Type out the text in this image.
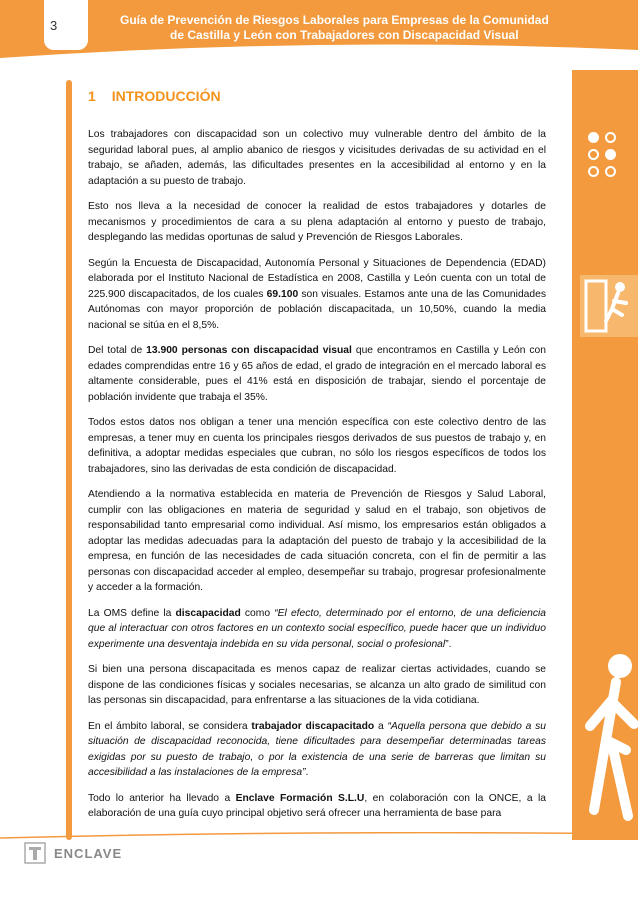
3	Guía de Prevención de Riesgos Laborales para Empresas de la Comunidad
de Castilla y León con Trabajadores con Discapacidad Visual
ENCLAVE
1 INTRODUCCIÓN

Los trabajadores con discapacidad son un colectivo muy vulnerable dentro del ámbito de la seguridad laboral pues, al amplio abanico de riesgos y vicisitudes derivadas de su actividad en el trabajo, se añaden, además, las dificultades presentes en la accesibilidad al entorno y en la adaptación a su puesto de trabajo.

Esto nos lleva a la necesidad de conocer la realidad de estos trabajadores y dotarles de mecanismos y procedimientos de cara a su plena adaptación al entorno y puesto de trabajo, desplegando las medidas oportunas de salud y Prevención de Riesgos Laborales.

Según la Encuesta de Discapacidad, Autonomía Personal y Situaciones de Dependencia (EDAD) elaborada por el Instituto Nacional de Estadística en 2008, Castilla y León cuenta con un total de 225.900 discapacitados, de los cuales 69.100 son visuales. Estamos ante una de las Comunidades Autónomas con mayor proporción de población discapacitada, un 10,50%, cuando la media nacional se sitúa en el 8,5%.

Del total de 13.900 personas con discapacidad visual que encontramos en Castilla y León con edades comprendidas entre 16 y 65 años de edad, el grado de integración en el mercado laboral es altamente considerable, pues el 41% está en disposición de trabajar, siendo el porcentaje de población invidente que trabaja el 35%.

Todos estos datos nos obligan a tener una mención específica con este colectivo dentro de las empresas, a tener muy en cuenta los principales riesgos derivados de sus puestos de trabajo y, en definitiva, a adoptar medidas especiales que cubran, no sólo los riesgos específicos de todos los trabajadores, sino las derivadas de esta condición de discapacidad.

Atendiendo a la normativa establecida en materia de Prevención de Riesgos y Salud Laboral, cumplir con las obligaciones en materia de seguridad y salud en el trabajo, son objetivos de responsabilidad tanto empresarial como individual. Así mismo, los empresarios están obligados a adoptar las medidas adecuadas para la adaptación del puesto de trabajo y la accesibilidad de la empresa, en función de las necesidades de cada situación concreta, con el fin de permitir a las personas con discapacidad acceder al empleo, desempeñar su trabajo, progresar profesionalmente y acceder a la formación.

La OMS define la discapacidad como “El efecto, determinado por el entorno, de una deficiencia que al interactuar con otros factores en un contexto social específico, puede hacer que un individuo experimente una desventaja indebida en su vida personal, social o profesional”.

Si bien una persona discapacitada es menos capaz de realizar ciertas actividades, cuando se dispone de las condiciones físicas y sociales necesarias, se alcanza un alto grado de similitud con las personas sin discapacidad, para enfrentarse a las situaciones de la vida cotidiana.

En el ámbito laboral, se considera trabajador discapacitado a “Aquella persona que debido a su situación de discapacidad reconocida, tiene dificultades para desempeñar determinadas tareas exigidas por su puesto de trabajo, o por la existencia de una serie de barreras que limitan su accesibilidad a las instalaciones de la empresa”.

Todo lo anterior ha llevado a Enclave Formación S.L.U, en colaboración con la ONCE, a la elaboración de una guía cuyo principal objetivo será ofrecer una herramienta de base para
